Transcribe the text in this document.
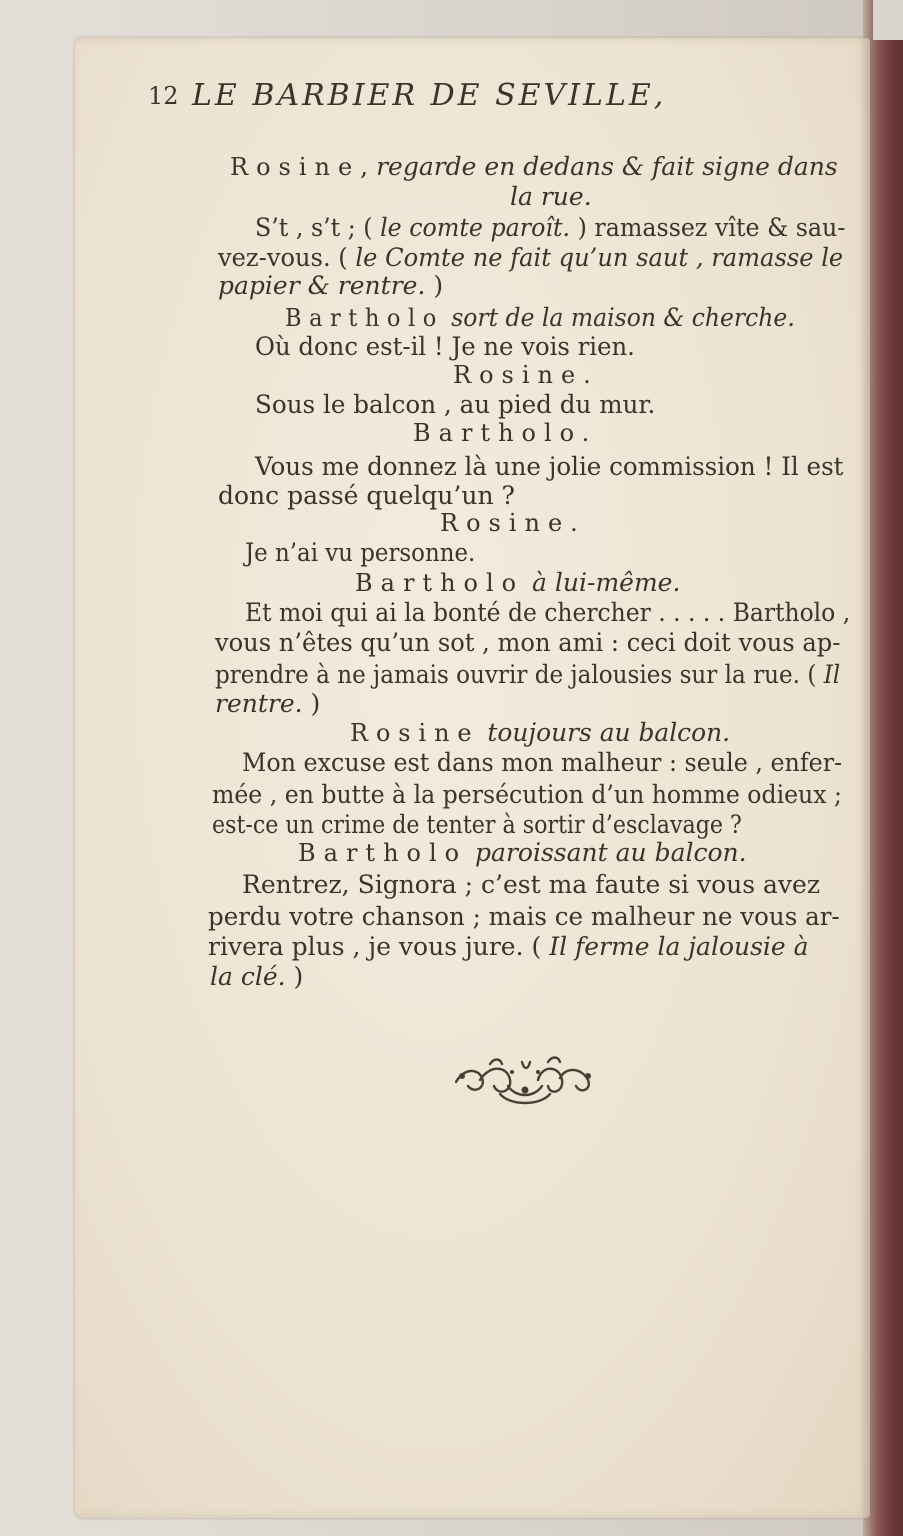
12 LE BARBIER DE SEVILLE,
Rosine, regarde en dedans & fait signe dans
la rue.
S’t , s’t ; ( le comte paroît. ) ramassez vîte & sau-
vez-vous. ( le Comte ne fait qu’un saut , ramasse le
papier & rentre. )
Bartholo sort de la maison & cherche.
Où donc est-il ! Je ne vois rien.
Rosine.
Sous le balcon , au pied du mur.
Bartholo.
Vous me donnez là une jolie commission ! Il est
donc passé quelqu’un ?
Rosine.
Je n’ai vu personne.
Bartholo à lui-même.
Et moi qui ai la bonté de chercher . . . . . Bartholo ,
vous n’êtes qu’un sot , mon ami : ceci doit vous ap-
prendre à ne jamais ouvrir de jalousies sur la rue. ( Il
rentre. )
Rosine toujours au balcon.
Mon excuse est dans mon malheur : seule , enfer-
mée , en butte à la persécution d’un homme odieux ;
est-ce un crime de tenter à sortir d’esclavage ?
Bartholo paroissant au balcon.
Rentrez, Signora ; c’est ma faute si vous avez
perdu votre chanson ; mais ce malheur ne vous ar-
rivera plus , je vous jure. ( Il ferme la jalousie à
la clé. )
